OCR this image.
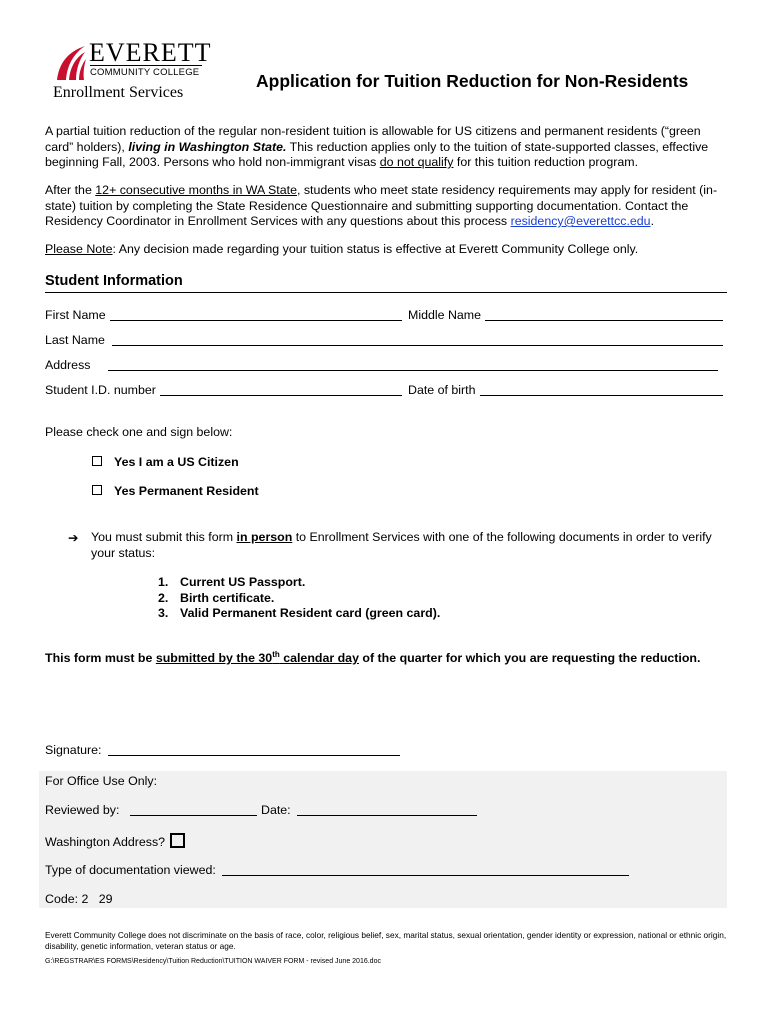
EVERETT
COMMUNITY COLLEGE
Enrollment Services
Application for Tuition Reduction for Non-Residents
A partial tuition reduction of the regular non-resident tuition is allowable for US citizens and permanent residents (“green card” holders), living in Washington State. This reduction applies only to the tuition of state-supported classes, effective beginning Fall, 2003. Persons who hold non-immigrant visas do not qualify for this tuition reduction program.
After the 12+ consecutive months in WA State, students who meet state residency requirements may apply for resident (in-state) tuition by completing the State Residence Questionnaire and submitting supporting documentation. Contact the Residency Coordinator in Enrollment Services with any questions about this process residency@everettcc.edu.
Please Note: Any decision made regarding your tuition status is effective at Everett Community College only.
Student Information
First Name	Middle Name
Last Name
Address
Student I.D. number	Date of birth
Please check one and sign below:
Yes I am a US Citizen
Yes Permanent Resident
➔ You must submit this form in person to Enrollment Services with one of the following documents in order to verify your status:
1. Current US Passport.
2. Birth certificate.
3. Valid Permanent Resident card (green card).
This form must be submitted by the 30th calendar day of the quarter for which you are requesting the reduction.
Signature:
For Office Use Only:
Reviewed by:	Date:
Washington Address?
Type of documentation viewed:
Code: 2   29
Everett Community College does not discriminate on the basis of race, color, religious belief, sex, marital status, sexual orientation, gender identity or expression, national or ethnic origin, disability, genetic information, veteran status or age.
G:\REGSTRAR\ES FORMS\Residency\Tuition Reduction\TUITION WAIVER FORM - revised June 2016.doc
